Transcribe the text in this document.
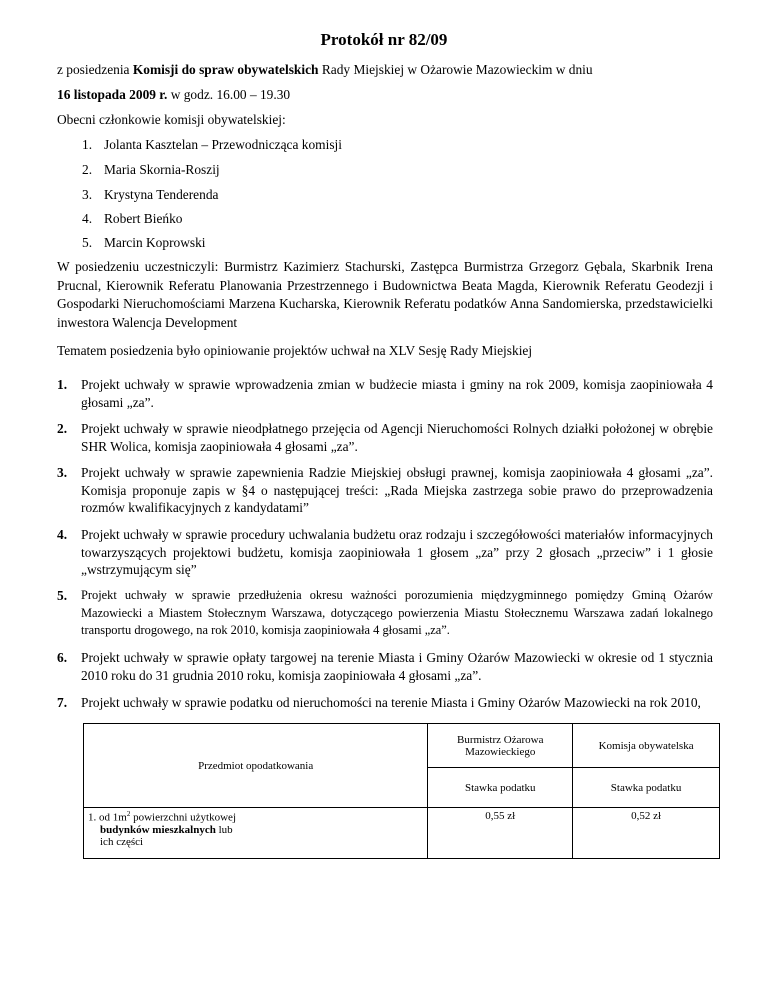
Protokół nr 82/09
z posiedzenia Komisji do spraw obywatelskich Rady Miejskiej w Ożarowie Mazowieckim w dniu
16 listopada 2009 r. w godz. 16.00 – 19.30
Obecni członkowie komisji obywatelskiej:
1. Jolanta Kasztelan – Przewodnicząca komisji
2. Maria Skornia-Roszij
3. Krystyna Tenderenda
4. Robert Bieńko
5. Marcin Koprowski
W posiedzeniu uczestniczyli: Burmistrz Kazimierz Stachurski, Zastępca Burmistrza Grzegorz Gębala, Skarbnik Irena Prucnal, Kierownik Referatu Planowania Przestrzennego i Budownictwa Beata Magda, Kierownik Referatu Geodezji i Gospodarki Nieruchomościami Marzena Kucharska, Kierownik Referatu podatków Anna Sandomierska, przedstawicielki inwestora Walencja Development
Tematem posiedzenia było opiniowanie projektów uchwał na XLV Sesję Rady Miejskiej
1.	Projekt uchwały w sprawie wprowadzenia zmian w budżecie miasta i gminy na rok 2009, komisja zaopiniowała 4 głosami „za”.
2.	Projekt uchwały w sprawie nieodpłatnego przejęcia od Agencji Nieruchomości Rolnych działki położonej w obrębie SHR Wolica, komisja zaopiniowała 4 głosami „za”.
3.	Projekt uchwały w sprawie zapewnienia Radzie Miejskiej obsługi prawnej, komisja zaopiniowała 4 głosami „za”. Komisja proponuje zapis w §4 o następującej treści: „Rada Miejska zastrzega sobie prawo do przeprowadzenia rozmów kwalifikacyjnych z kandydatami”
4.	Projekt uchwały w sprawie procedury uchwalania budżetu oraz rodzaju i szczegółowości materiałów informacyjnych towarzyszących projektowi budżetu, komisja zaopiniowała 1 głosem „za” przy 2 głosach „przeciw” i 1 głosie „wstrzymującym się”
5.	Projekt uchwały w sprawie przedłużenia okresu ważności porozumienia międzygminnego pomiędzy Gminą Ożarów Mazowiecki a Miastem Stołecznym Warszawa, dotyczącego powierzenia Miastu Stołecznemu Warszawa zadań lokalnego transportu drogowego, na rok 2010, komisja zaopiniowała 4 głosami „za”.
6.	Projekt uchwały w sprawie opłaty targowej na terenie Miasta i Gminy Ożarów Mazowiecki w okresie od 1 stycznia 2010 roku do 31 grudnia 2010 roku, komisja zaopiniowała 4 głosami „za”.
7.	Projekt uchwały w sprawie podatku od nieruchomości na terenie Miasta i Gminy Ożarów Mazowiecki na rok 2010,
Przedmiot opodatkowania	Burmistrz Ożarowa Mazowieckiego	Komisja obywatelska
	Stawka podatku	Stawka podatku
1. od $1m^2$ powierzchni użytkowej
budynków mieszkalnych lub
ich części	0,55 zł	0,52 zł
